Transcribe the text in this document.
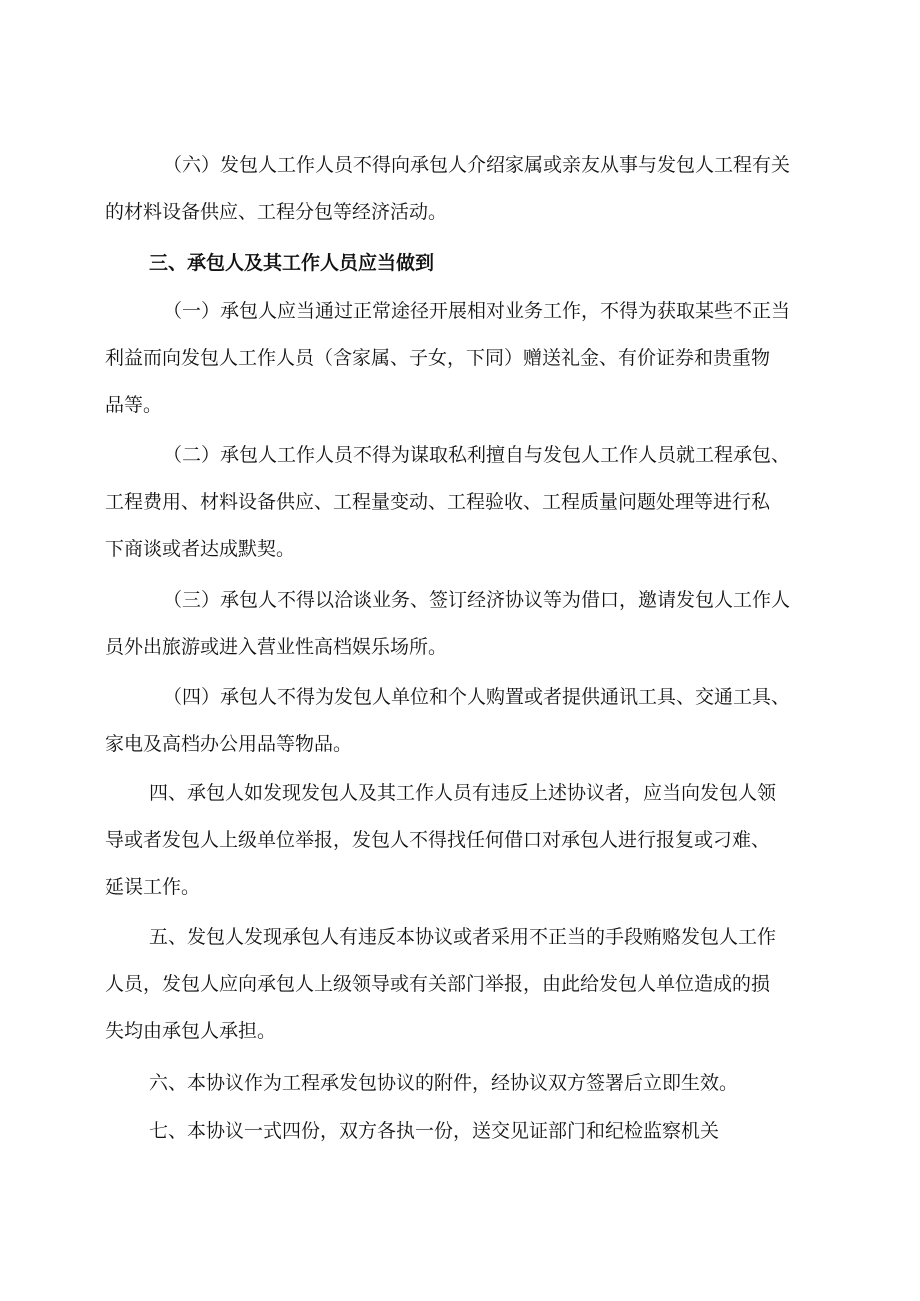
（六）发包人工作人员不得向承包人介绍家属或亲友从事与发包人工程有关
的材料设备供应、工程分包等经济活动。
三、承包人及其工作人员应当做到
（一）承包人应当通过正常途径开展相对业务工作，不得为获取某些不正当
利益而向发包人工作人员（含家属、子女，下同）赠送礼金、有价证券和贵重物
品等。
（二）承包人工作人员不得为谋取私利擅自与发包人工作人员就工程承包、
工程费用、材料设备供应、工程量变动、工程验收、工程质量问题处理等进行私
下商谈或者达成默契。
（三）承包人不得以洽谈业务、签订经济协议等为借口，邀请发包人工作人
员外出旅游或进入营业性高档娱乐场所。
（四）承包人不得为发包人单位和个人购置或者提供通讯工具、交通工具、
家电及高档办公用品等物品。
四、承包人如发现发包人及其工作人员有违反上述协议者，应当向发包人领
导或者发包人上级单位举报，发包人不得找任何借口对承包人进行报复或刁难、
延误工作。
五、发包人发现承包人有违反本协议或者采用不正当的手段贿赂发包人工作
人员，发包人应向承包人上级领导或有关部门举报，由此给发包人单位造成的损
失均由承包人承担。
六、本协议作为工程承发包协议的附件，经协议双方签署后立即生效。
七、本协议一式四份，双方各执一份，送交见证部门和纪检监察机关
